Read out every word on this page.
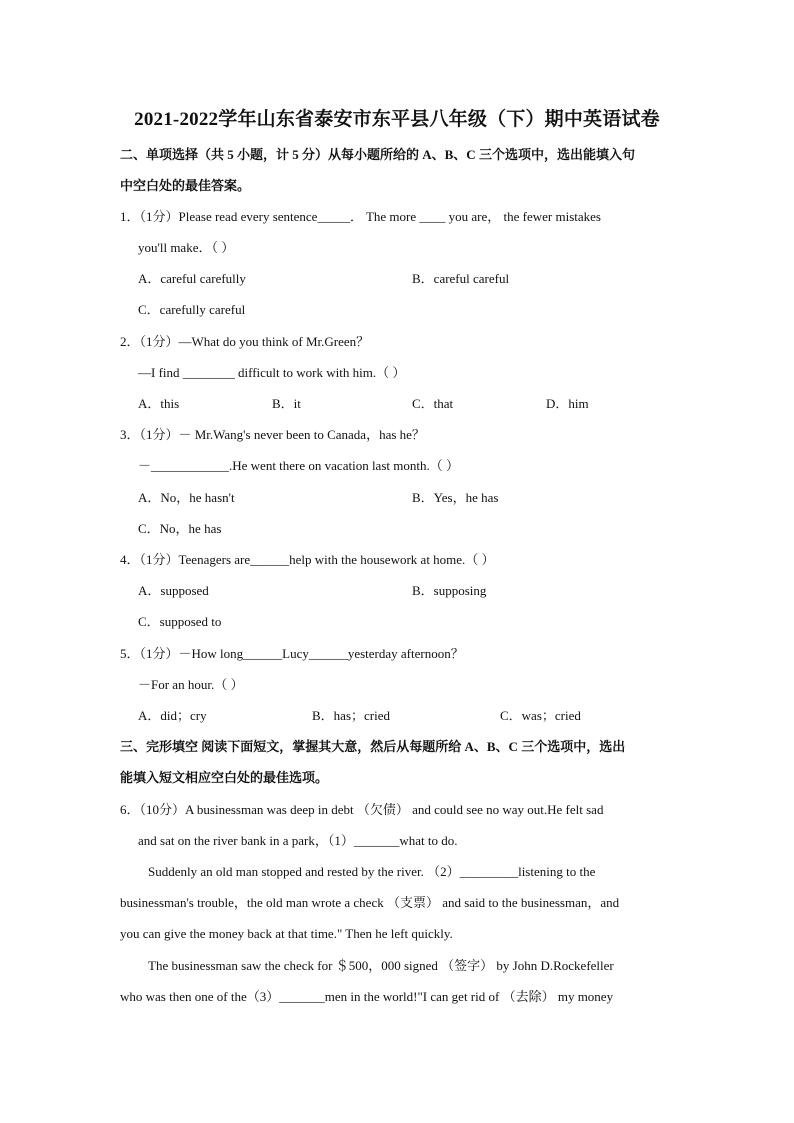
2021-2022学年山东省泰安市东平县八年级（下）期中英语试卷
二、单项选择（共 5 小题，计 5 分）从每小题所给的 A、B、C 三个选项中，选出能填入句
中空白处的最佳答案。
1．（1分）Please read every sentence_____． The more ____ you are， the fewer mistakes
you'll make．（ ）
A．careful carefully	B．careful careful
C．carefully careful
2．（1分）—What do you think of Mr.Green？
—I find ________ difficult to work with him.（ ）
A．this	B．it	C．that	D．him
3．（1分）－ Mr.Wang's never been to Canada，has he？
－____________.He went there on vacation last month.（ ）
A．No，he hasn't	B．Yes，he has
C．No，he has
4．（1分）Teenagers are______help with the housework at home.（ ）
A．supposed	B．supposing
C．supposed to
5．（1分）－How long______Lucy______yesterday afternoon？
－For an hour.（ ）
A．did；cry	B．has；cried	C．was；cried
三、完形填空 阅读下面短文，掌握其大意，然后从每题所给 A、B、C 三个选项中，选出
能填入短文相应空白处的最佳选项。
6．（10分）A businessman was deep in debt （欠债） and could see no way out.He felt sad
and sat on the river bank in a park，（1）_______what to do.
Suddenly an old man stopped and rested by the river. （2）_________listening to the
businessman's trouble，the old man wrote a check （支票） and said to the businessman，and
you can give the money back at that time." Then he left quickly.
The businessman saw the check for ＄500，000 signed （签字） by John D.Rockefeller
who was then one of the（3）_______men in the world!"I can get rid of （去除） my money
